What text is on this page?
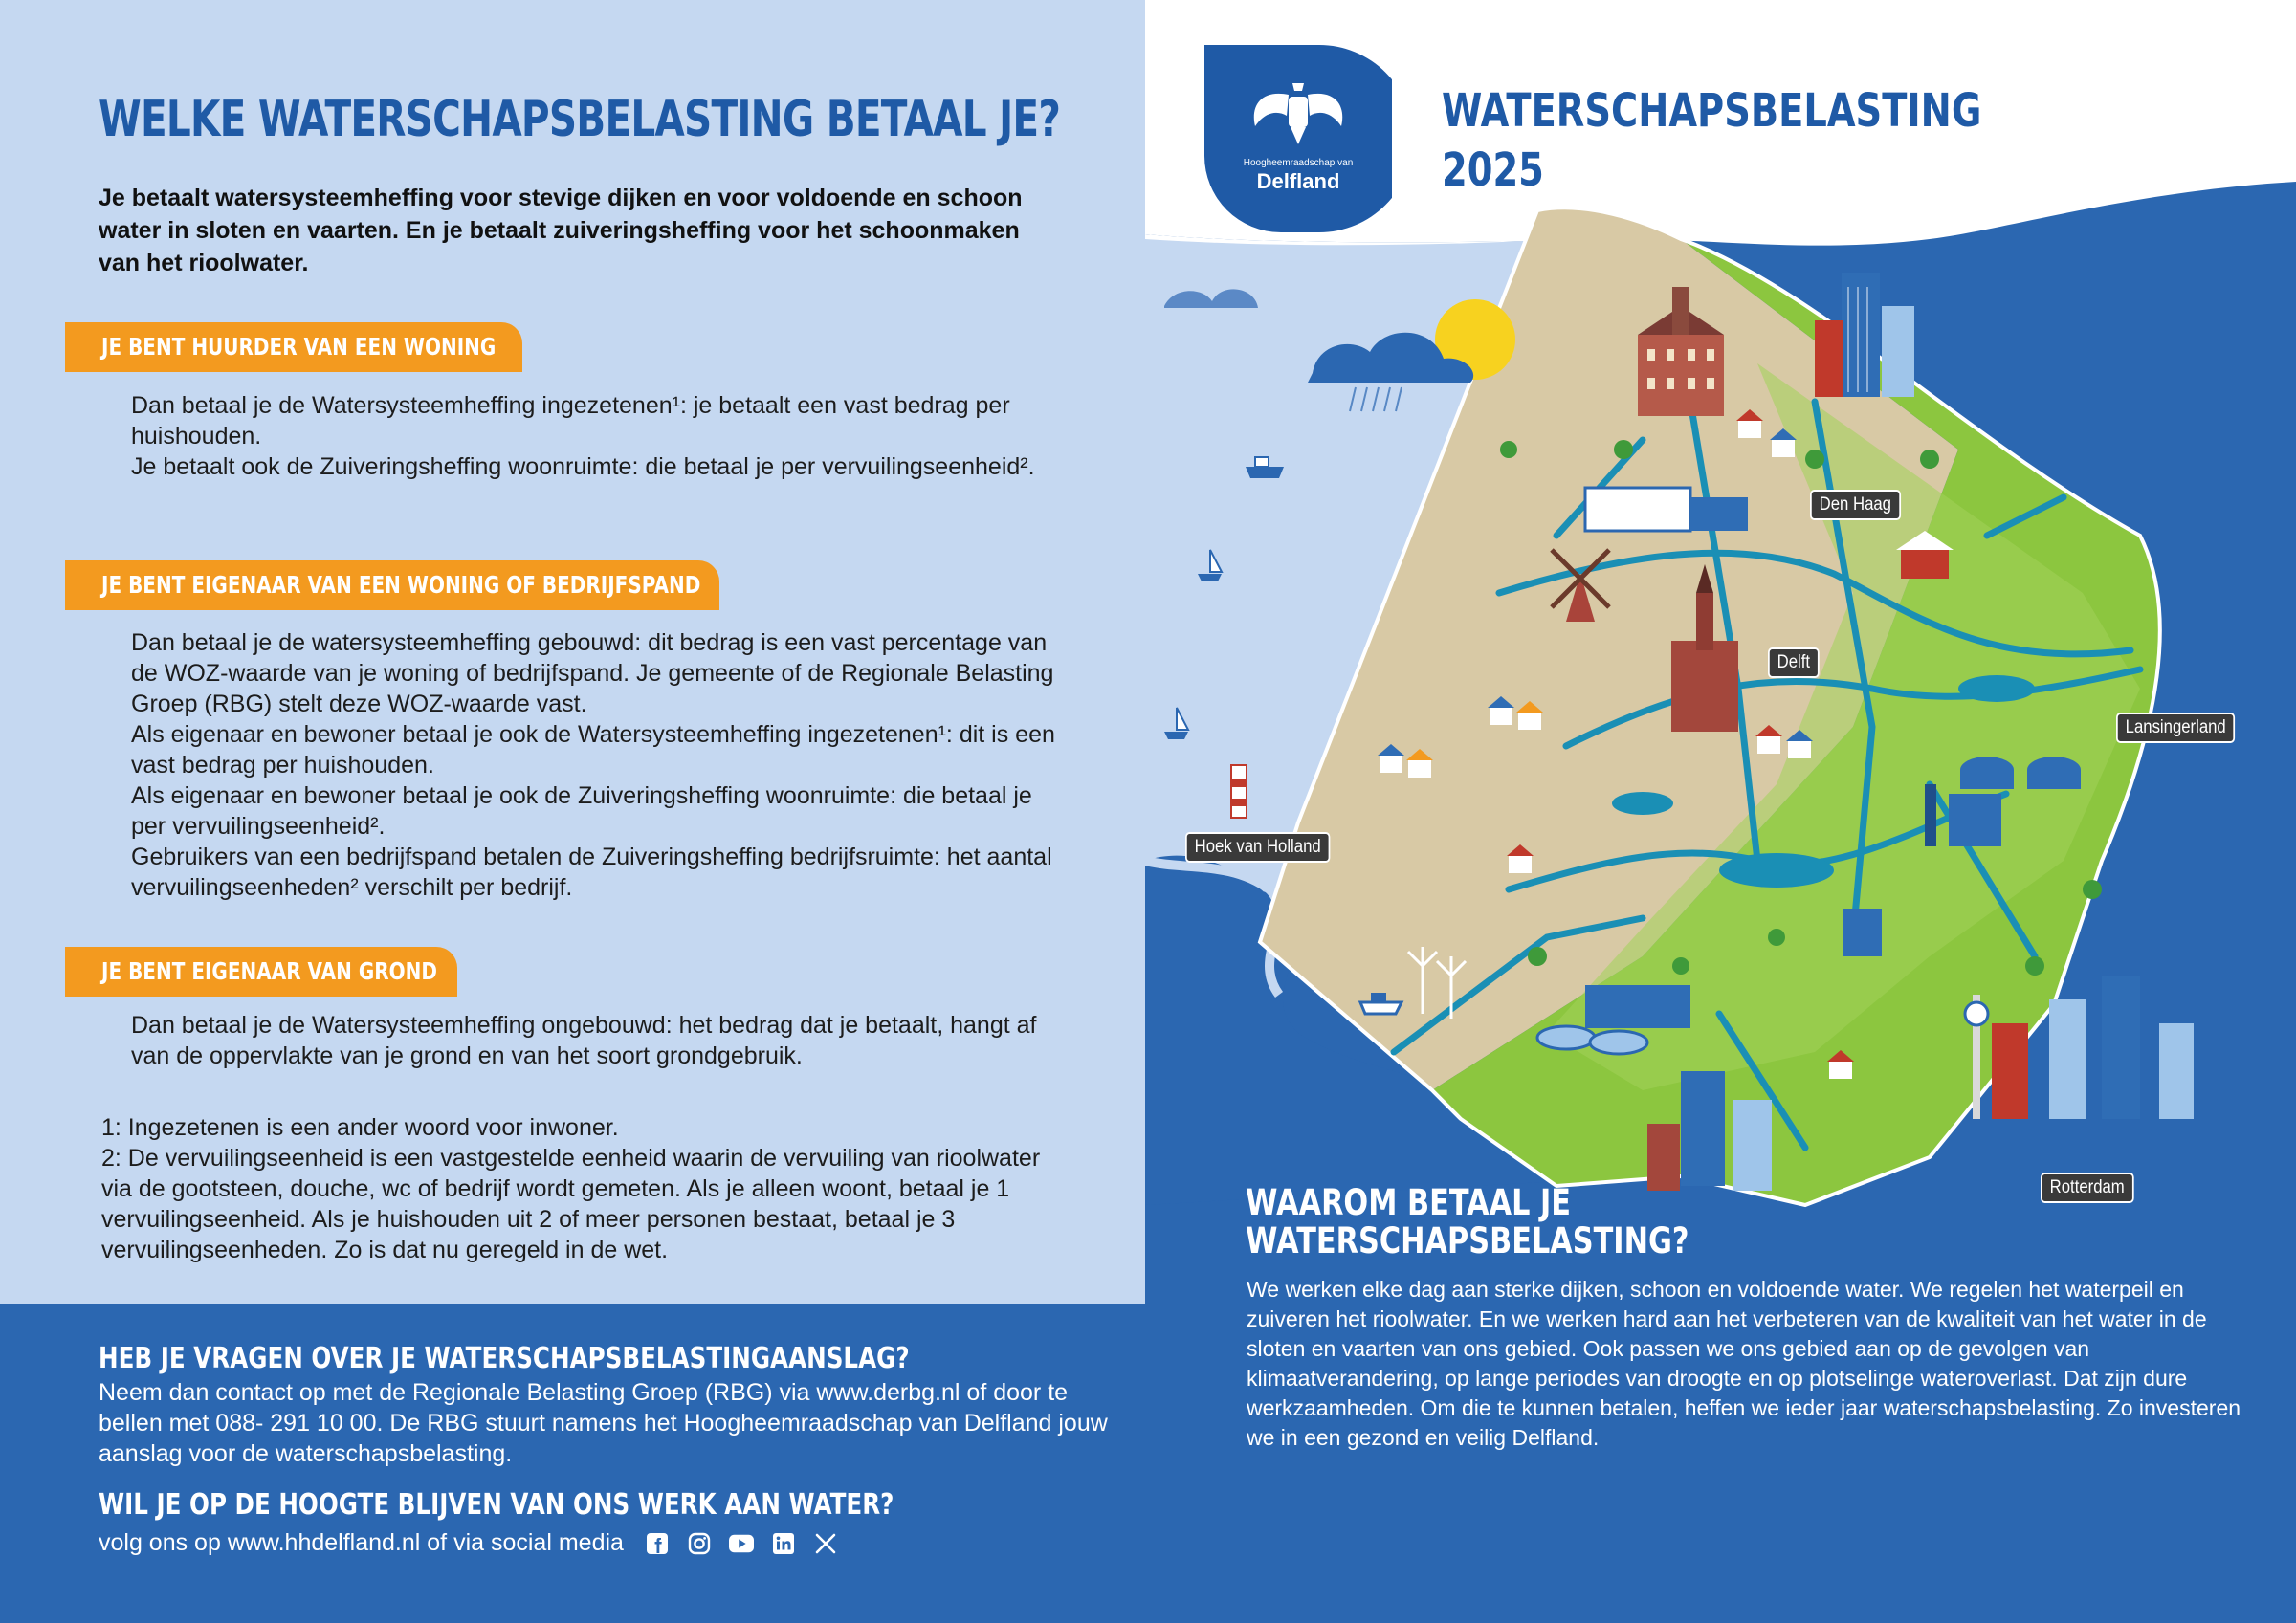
WELKE WATERSCHAPSBELASTING BETAAL JE?

Je betaalt watersysteemheffing voor stevige dijken en voor voldoende en schoon water in sloten en vaarten. En je betaalt zuiveringsheffing voor het schoonmaken van het rioolwater.

JE BENT HUURDER VAN EEN WONING

Dan betaal je de Watersysteemheffing ingezetenen¹: je betaalt een vast bedrag per huishouden.

Je betaalt ook de Zuiveringsheffing woonruimte: die betaal je per vervuilingseenheid².

JE BENT EIGENAAR VAN EEN WONING OF BEDRIJFSPAND

Dan betaal je de watersysteemheffing gebouwd: dit bedrag is een vast percentage van de WOZ-waarde van je woning of bedrijfspand. Je gemeente of de Regionale Belasting Groep (RBG) stelt deze WOZ-waarde vast.

Als eigenaar en bewoner betaal je ook de Watersysteemheffing ingezetenen¹: dit is een vast bedrag per huishouden.

Als eigenaar en bewoner betaal je ook de Zuiveringsheffing woonruimte: die betaal je per vervuilingseenheid².

Gebruikers van een bedrijfspand betalen de Zuiveringsheffing bedrijfsruimte: het aantal vervuilingseenheden² verschilt per bedrijf.

JE BENT EIGENAAR VAN GROND

Dan betaal je de Watersysteemheffing ongebouwd: het bedrag dat je betaalt, hangt af van de oppervlakte van je grond en van het soort grondgebruik.

1: Ingezetenen is een ander woord voor inwoner.

2: De vervuilingseenheid is een vastgestelde eenheid waarin de vervuiling van rioolwater via de gootsteen, douche, wc of bedrijf wordt gemeten. Als je alleen woont, betaal je 1 vervuilingseenheid. Als je huishouden uit 2 of meer personen bestaat, betaal je 3 vervuilingseenheden. Zo is dat nu geregeld in de wet.

HEB JE VRAGEN OVER JE WATERSCHAPSBELASTINGAANSLAG?

Neem dan contact op met de Regionale Belasting Groep (RBG) via www.derbg.nl of door te bellen met 088- 291 10 00. De RBG stuurt namens het Hoogheemraadschap van Delfland jouw aanslag voor de waterschapsbelasting.

WIL JE OP DE HOOGTE BLIJVEN VAN ONS WERK AAN WATER?
volg ons op www.hhdelfland.nl of via social media
Hoogheemraadschap van
Delfland
WATERSCHAPSBELASTING
2025
Den Haag
Delft
Lansingerland
Hoek van Holland
Rotterdam
WAAROM BETAAL JE
WATERSCHAPSBELASTING?

We werken elke dag aan sterke dijken, schoon en voldoende water. We regelen het waterpeil en zuiveren het rioolwater. En we werken hard aan het verbeteren van de kwaliteit van het water in de sloten en vaarten van ons gebied. Ook passen we ons gebied aan op de gevolgen van klimaatverandering, op lange periodes van droogte en op plotselinge wateroverlast. Dat zijn dure werkzaamheden. Om die te kunnen betalen, heffen we ieder jaar waterschapsbelasting. Zo investeren we in een gezond en veilig Delfland.
